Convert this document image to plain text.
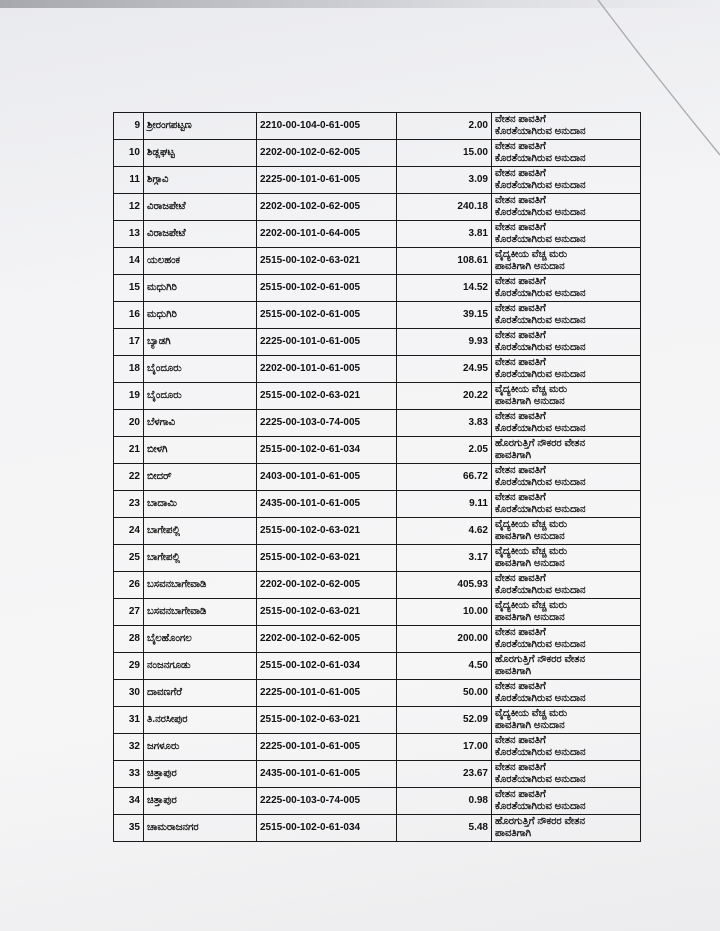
9	ಶ್ರೀರಂಗಪಟ್ಟಣ	2210-00-104-0-61-005	2.00	ವೇತನ ಪಾವತಿಗೆ
ಕೊರತೆಯಾಗಿರುವ ಅನುದಾನ

10	ಶಿಡ್ಲಘಟ್ಟ	2202-00-102-0-62-005	15.00	ವೇತನ ಪಾವತಿಗೆ
ಕೊರತೆಯಾಗಿರುವ ಅನುದಾನ

11	ಶಿಗ್ಗಾವಿ	2225-00-101-0-61-005	3.09	ವೇತನ ಪಾವತಿಗೆ
ಕೊರತೆಯಾಗಿರುವ ಅನುದಾನ

12	ವಿರಾಜಪೇಟೆ	2202-00-102-0-62-005	240.18	ವೇತನ ಪಾವತಿಗೆ
ಕೊರತೆಯಾಗಿರುವ ಅನುದಾನ

13	ವಿರಾಜಪೇಟೆ	2202-00-101-0-64-005	3.81	ವೇತನ ಪಾವತಿಗೆ
ಕೊರತೆಯಾಗಿರುವ ಅನುದಾನ

14	ಯಲಹಂಕ	2515-00-102-0-63-021	108.61	ವೈದ್ಯಕೀಯ ವೆಚ್ಚ ಮರು
ಪಾವತಿಗಾಗಿ ಅನುದಾನ

15	ಮಧುಗಿರಿ	2515-00-102-0-61-005	14.52	ವೇತನ ಪಾವತಿಗೆ
ಕೊರತೆಯಾಗಿರುವ ಅನುದಾನ

16	ಮಧುಗಿರಿ	2515-00-102-0-61-005	39.15	ವೇತನ ಪಾವತಿಗೆ
ಕೊರತೆಯಾಗಿರುವ ಅನುದಾನ

17	ಬ್ಯಾಡಗಿ	2225-00-101-0-61-005	9.93	ವೇತನ ಪಾವತಿಗೆ
ಕೊರತೆಯಾಗಿರುವ ಅನುದಾನ

18	ಬೈಂದೂರು	2202-00-101-0-61-005	24.95	ವೇತನ ಪಾವತಿಗೆ
ಕೊರತೆಯಾಗಿರುವ ಅನುದಾನ

19	ಬೈಂದೂರು	2515-00-102-0-63-021	20.22	ವೈದ್ಯಕೀಯ ವೆಚ್ಚ ಮರು
ಪಾವತಿಗಾಗಿ ಅನುದಾನ

20	ಬೆಳಗಾವಿ	2225-00-103-0-74-005	3.83	ವೇತನ ಪಾವತಿಗೆ
ಕೊರತೆಯಾಗಿರುವ ಅನುದಾನ

21	ಬೀಳಗಿ	2515-00-102-0-61-034	2.05	ಹೊರಗುತ್ತಿಗೆ ನೌಕರರ ವೇತನ
ಪಾವತಿಗಾಗಿ

22	ಬೀದರ್	2403-00-101-0-61-005	66.72	ವೇತನ ಪಾವತಿಗೆ
ಕೊರತೆಯಾಗಿರುವ ಅನುದಾನ

23	ಬಾದಾಮಿ	2435-00-101-0-61-005	9.11	ವೇತನ ಪಾವತಿಗೆ
ಕೊರತೆಯಾಗಿರುವ ಅನುದಾನ

24	ಬಾಗೇಪಲ್ಲಿ	2515-00-102-0-63-021	4.62	ವೈದ್ಯಕೀಯ ವೆಚ್ಚ ಮರು
ಪಾವತಿಗಾಗಿ ಅನುದಾನ

25	ಬಾಗೇಪಲ್ಲಿ	2515-00-102-0-63-021	3.17	ವೈದ್ಯಕೀಯ ವೆಚ್ಚ ಮರು
ಪಾವತಿಗಾಗಿ ಅನುದಾನ

26	ಬಸವನಬಾಗೇವಾಡಿ	2202-00-102-0-62-005	405.93	ವೇತನ ಪಾವತಿಗೆ
ಕೊರತೆಯಾಗಿರುವ ಅನುದಾನ

27	ಬಸವನಬಾಗೇವಾಡಿ	2515-00-102-0-63-021	10.00	ವೈದ್ಯಕೀಯ ವೆಚ್ಚ ಮರು
ಪಾವತಿಗಾಗಿ ಅನುದಾನ

28	ಬೈಲಹೊಂಗಲ	2202-00-102-0-62-005	200.00	ವೇತನ ಪಾವತಿಗೆ
ಕೊರತೆಯಾಗಿರುವ ಅನುದಾನ

29	ನಂಜನಗೂಡು	2515-00-102-0-61-034	4.50	ಹೊರಗುತ್ತಿಗೆ ನೌಕರರ ವೇತನ
ಪಾವತಿಗಾಗಿ

30	ದಾವಣಗೆರೆ	2225-00-101-0-61-005	50.00	ವೇತನ ಪಾವತಿಗೆ
ಕೊರತೆಯಾಗಿರುವ ಅನುದಾನ

31	ತಿ.ನರಸೀಪುರ	2515-00-102-0-63-021	52.09	ವೈದ್ಯಕೀಯ ವೆಚ್ಚ ಮರು
ಪಾವತಿಗಾಗಿ ಅನುದಾನ

32	ಜಗಳೂರು	2225-00-101-0-61-005	17.00	ವೇತನ ಪಾವತಿಗೆ
ಕೊರತೆಯಾಗಿರುವ ಅನುದಾನ

33	ಚಿತ್ತಾಪುರ	2435-00-101-0-61-005	23.67	ವೇತನ ಪಾವತಿಗೆ
ಕೊರತೆಯಾಗಿರುವ ಅನುದಾನ

34	ಚಿತ್ತಾಪುರ	2225-00-103-0-74-005	0.98	ವೇತನ ಪಾವತಿಗೆ
ಕೊರತೆಯಾಗಿರುವ ಅನುದಾನ

35	ಚಾಮರಾಜನಗರ	2515-00-102-0-61-034	5.48	ಹೊರಗುತ್ತಿಗೆ ನೌಕರರ ವೇತನ
ಪಾವತಿಗಾಗಿ
